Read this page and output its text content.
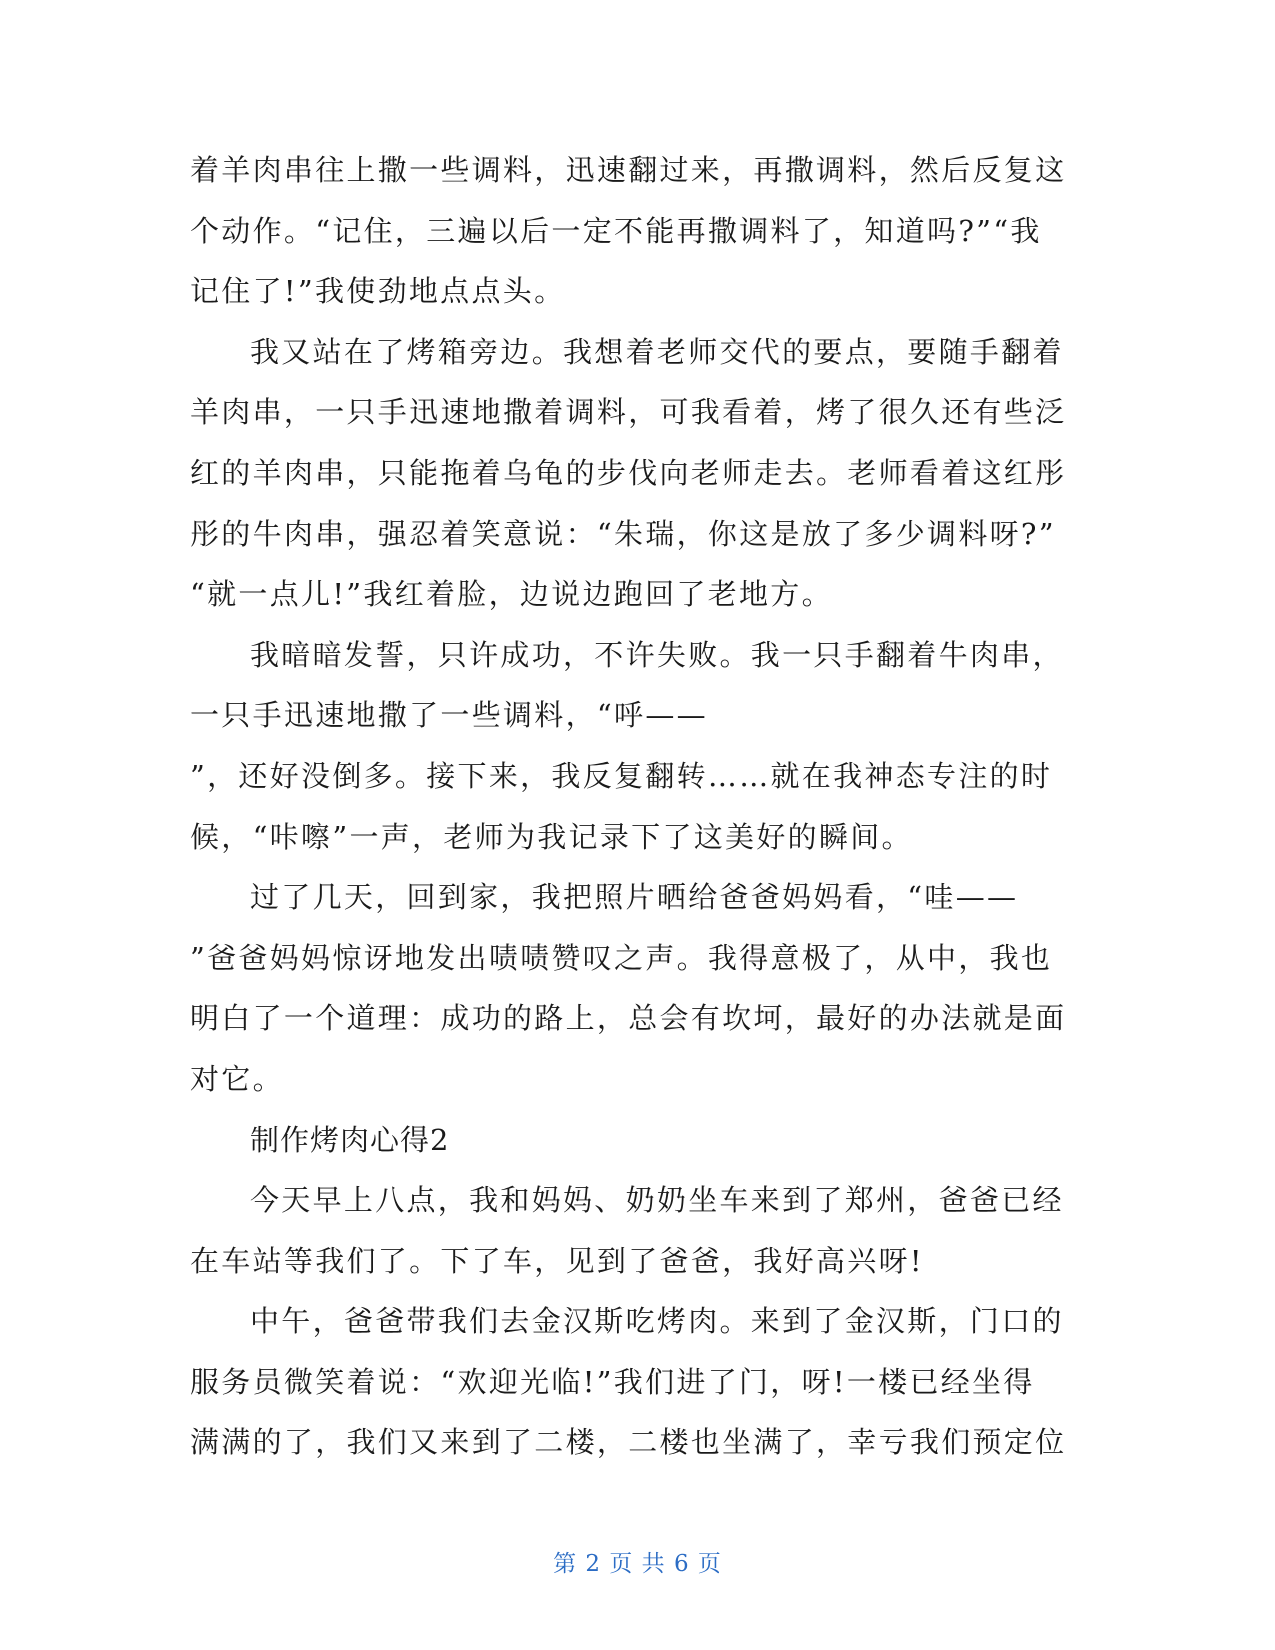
着羊肉串往上撒一些调料，迅速翻过来，再撒调料，然后反复这
个动作。“记住，三遍以后一定不能再撒调料了，知道吗?”“我
记住了!”我使劲地点点头。
我又站在了烤箱旁边。我想着老师交代的要点，要随手翻着
羊肉串，一只手迅速地撒着调料，可我看着，烤了很久还有些泛
红的羊肉串，只能拖着乌龟的步伐向老师走去。老师看着这红彤
彤的牛肉串，强忍着笑意说：“朱瑞，你这是放了多少调料呀?”
“就一点儿!”我红着脸，边说边跑回了老地方。
我暗暗发誓，只许成功，不许失败。我一只手翻着牛肉串，
一只手迅速地撒了一些调料，“呼——
”，还好没倒多。接下来，我反复翻转……就在我神态专注的时
候，“咔嚓”一声，老师为我记录下了这美好的瞬间。
过了几天，回到家，我把照片晒给爸爸妈妈看，“哇——
”爸爸妈妈惊讶地发出啧啧赞叹之声。我得意极了，从中，我也
明白了一个道理：成功的路上，总会有坎坷，最好的办法就是面
对它。
制作烤肉心得2
今天早上八点，我和妈妈、奶奶坐车来到了郑州，爸爸已经
在车站等我们了。下了车，见到了爸爸，我好高兴呀!
中午，爸爸带我们去金汉斯吃烤肉。来到了金汉斯，门口的
服务员微笑着说：“欢迎光临!”我们进了门，呀!一楼已经坐得
满满的了，我们又来到了二楼，二楼也坐满了，幸亏我们预定位
第 2 页 共 6 页
